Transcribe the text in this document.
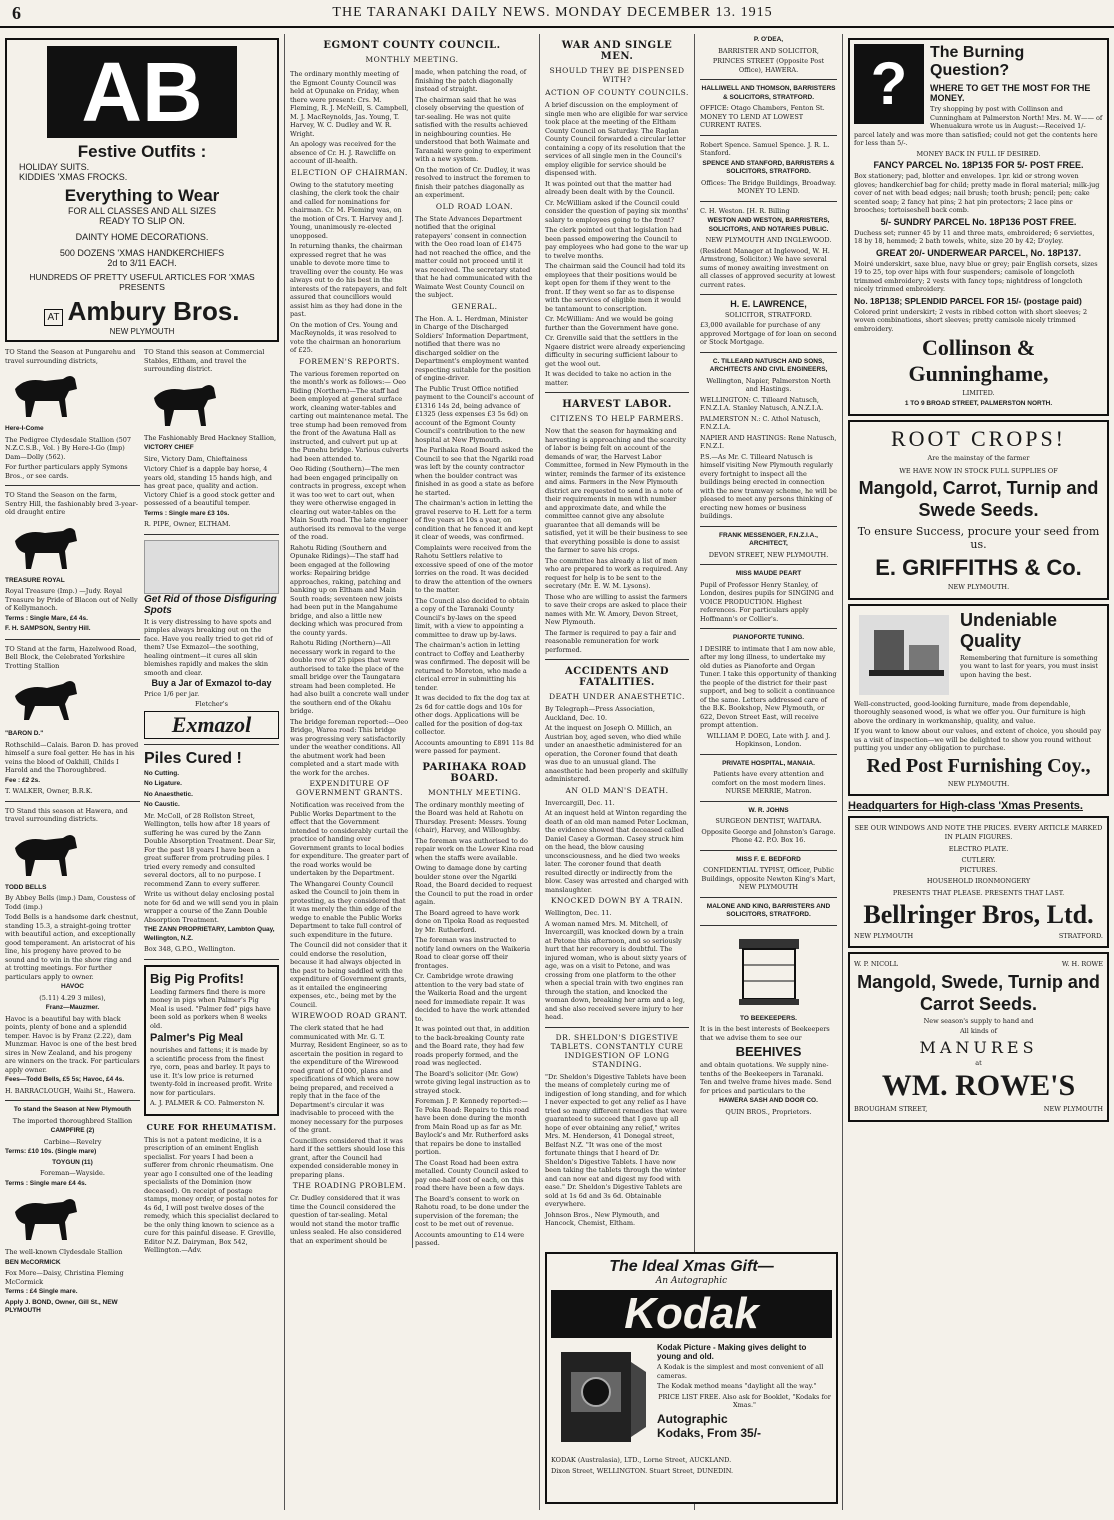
6	THE TARANAKI DAILY NEWS. MONDAY DECEMBER 13. 1915
AB
Festive Outfits :
HOLIDAY SUITS.
KIDDIES 'XMAS FROCKS.
Everything to Wear
FOR ALL CLASSES AND ALL SIZES
READY TO SLIP ON.
DAINTY HOME DECORATIONS.
500 DOZENS 'XMAS HANDKERCHIEFS
2d to 3/11 EACH.
HUNDREDS OF PRETTY USEFUL ARTICLES FOR 'XMAS PRESENTS
AT Ambury Bros.
NEW PLYMOUTH

TO Stand the Season at Pungarehu and travel surrounding districts,

Here-I-Come

The Pedigree Clydesdale Stallion (507 N.Z.C.S.B., Vol. ) By Here-I-Go (Imp) Dam—Dolly (562).

For further particulars apply Symons Bros., or see cards.

TO Stand the Season on the farm, Sentry Hill, the fashionably bred 3-year-old draught entire

TREASURE ROYAL

Royal Treasure (Imp.) —Judy. Royal Treasure by Pride of Blacon out of Nelly of Kellymanoch.

Terms : Single Mare, £4 4s.

F. H. SAMPSON, Sentry Hill.

TO Stand at the farm, Hazelwood Road, Bell Block, the Celebrated Yorkshire Trotting Stallion

"BARON D."

Rothschild—Calais. Baron D. has proved himself a sure foal getter. He has in his veins the blood of Oakhill, Childs I Harold and the Thoroughbred.

Fee : £2 2s.

T. WALKER, Owner, B.R.K.

TO Stand this season at Hawera, and travel surrounding districts.

TODD BELLS

By Abbey Bells (imp.) Dam, Coustess of Todd (imp.)

Todd Bells is a handsome dark chestnut, standing 15.3, a straight-going trotter with beautiful action, and exceptionally good temperament. An aristocrat of his line, his progeny have proved to be sound and to win in the show ring and at trotting meetings. For further particulars apply to owner.

HAVOC

(5.11) 4.29 3 miles),

Franz—Mauzmer.

Havoc is a beautiful bay with black points, plenty of bone and a splendid temper. Havoc is by Franz (2.22), dam Munzmar. Havoc is one of the best bred sires in New Zealand, and his progeny are winners on the track. For particulars apply owner.

Fees—Todd Bells, £5 5s; Havoc, £4 4s.

H. BARRACLOUGH, Waihi St., Hawera.

To stand the Season at New Plymouth

The imported thoroughbred Stallion

CAMPFIRE (2)

Carbine—Revelry

Terms: £10 10s. (Single mare)

TOYGUN (11)

Foreman—Wayside.

Terms : Single mare £4 4s.

The well-known Clydesdale Stallion

BEN McCORMICK

Fox More—Daisy, Christina Fleming McCormick

Terms : £4 Single mare.

Apply J. BOND, Owner, Gill St., NEW PLYMOUTH

TO Stand this season at Commercial Stables, Eltham, and travel the surrounding district.

The Fashionably Bred Hackney Stallion,

VICTORY CHIEF

Sire, Victory Dam, Chieftainess

Victory Chief is a dapple bay horse, 4 years old, standing 15 hands high, and has great pace, quality and action. Victory Chief is a good stock getter and possessed of a beautiful temper.

Terms : Single mare £3 10s.

R. PIPE, Owner, ELTHAM.

Get Rid of those Disfiguring Spots

It is very distressing to have spots and pimples always breaking out on the face. Have you really tried to get rid of them? Use Exmazol—the soothing, healing ointment—it cures all skin blemishes rapidly and makes the skin smooth and clear.

Buy a Jar of Exmazol to-day

Price 1/6 per jar.

Fletcher's
Exmazol
Piles Cured !
No Cutting.
No Ligature.
No Anaesthetic.
No Caustic.

Mr. McColl, of 28 Rollston Street, Wellington, tells how after 18 years of suffering he was cured by the Zann Double Absorption Treatment. Dear Sir, For the past 18 years I have been a great sufferer from protruding piles. I tried every remedy and consulted several doctors, all to no purpose. I recommend Zann to every sufferer.

Write us without delay enclosing postal note for 6d and we will send you in plain wrapper a course of the Zann Double Absorption Treatment.

THE ZANN PROPRIETARY, Lambton Quay, Wellington, N.Z.

Box 348, G.P.O., Wellington.

Big Pig Profits!

Leading farmers find there is more money in pigs when Palmer's Pig Meal is used. "Palmer fed" pigs have been sold as porkers when 8 weeks old.

Palmer's Pig Meal

nourishes and fattens; it is made by a scientific process from the finest rye, corn, peas and barley. It pays to use it. It's low price is returned twenty-fold in increased profit. Write now for particulars.

A. J. PALMER & CO. Palmerston N.

CURE FOR RHEUMATISM.

This is not a patent medicine, it is a prescription of an eminent English specialist. For years I had been a sufferer from chronic rheumatism. One year ago I consulted one of the leading specialists of the Dominion (now deceased). On receipt of postage stamps, money order, or postal notes for 4s 6d, I will post twelve doses of the remedy, which this specialist declared to be the only thing known to science as a cure for this painful disease. F. Greville, Editor N.Z. Dairyman, Box 542, Wellington.—Adv.

EGMONT COUNTY COUNCIL.
MONTHLY MEETING.

The ordinary monthly meeting of the Egmont County Council was held at Opunake on Friday, when there were present: Crs. M. Fleming, R. J. McNeill, S. Campbell, M. J. MacReynolds, Jas. Young, T. Harvey, W. C. Dudley and W. R. Wright.

An apology was received for the absence of Cr. H. J. Rawcliffe on account of ill-health.

ELECTION OF CHAIRMAN.

Owing to the statutory meeting clashing, the clerk took the chair and called for nominations for chairman. Cr. M. Fleming was, on the motion of Crs. T. Harvey and J. Young, unanimously re-elected unopposed.

In returning thanks, the chairman expressed regret that he was unable to devote more time to travelling over the county. He was always out to do his best in the interests of the ratepayers, and felt assured that councillors would assist him as they had done in the past.

On the motion of Crs. Young and MacReynolds, it was resolved to vote the chairman an honorarium of £25.

FOREMEN'S REPORTS.

The various foremen reported on the month's work as follows:— Oeo Riding (Northern)—The staff had been employed at general surface work, cleaning water-tables and carting out maintenance metal. The tree stump had been removed from the front of the Awatuna Hall as instructed, and culvert put up at the Punehu bridge. Various culverts had been attended to.

Oeo Riding (Southern)—The men had been engaged principally on contracts in progress, except when it was too wet to cart out, when they were otherwise engaged in clearing out water-tables on the Main South road. The late engineer authorised its removal to the verge of the road.

Rahotu Riding (Southern and Opunake Ridings)—The staff had been engaged at the following works: Repairing bridge approaches, raking, patching and banking up on Eltham and Main South roads; seventeen new joists had been put in the Mangahume bridge, and also a little new decking which was procured from the county yards.

Rahotu Riding (Northern)—All necessary work in regard to the double row of 25 pipes that were authorised to take the place of the small bridge over the Taungatara stream had been completed. He had also built a concrete wall under the southern end of the Okahu bridge.

The bridge foreman reported:—Oeo Bridge, Warea road: This bridge was progressing very satisfactorily under the weather conditions. All the abutment work had been completed and a start made with the work for the arches.

EXPENDITURE OF GOVERNMENT GRANTS.

Notification was received from the Public Works Department to the effect that the Government intended to considerably curtail the practice of handing over Government grants to local bodies for expenditure. The greater part of the road works would be undertaken by the Department.

The Whangarei County Council asked the Council to join them in protesting, as they considered that it was merely the thin edge of the wedge to enable the Public Works Department to take full control of such expenditure in the future.

The Council did not consider that it could endorse the resolution, because it had always objected in the past to being saddled with the expenditure of Government grants, as it entailed the engineering expenses, etc., being met by the Council.

WIREWOOD ROAD GRANT.

The clerk stated that he had communicated with Mr. G. T. Murray, Resident Engineer, so as to ascertain the position in regard to the expenditure of the Wirewood road grant of £1000, plans and specifications of which were now being prepared, and received a reply that in the face of the Department's circular it was inadvisable to proceed with the money necessary for the purposes of the grant.

Councillors considered that it was hard if the settlers should lose this grant, after the Council had expended considerable money in preparing plans.

THE ROADING PROBLEM.

Cr. Dudley considered that it was time the Council considered the question of tar-sealing. Metal would not stand the motor traffic unless sealed. He also considered that an experiment should be made, when patching the road, of finishing the patch diagonally instead of straight.

The chairman said that he was closely observing the question of tar-sealing. He was not quite satisfied with the results achieved in neighbouring counties. He understood that both Waimate and Taranaki were going to experiment with a new system.

On the motion of Cr. Dudley, it was resolved to instruct the foremen to finish their patches diagonally as an experiment.

OLD ROAD LOAN.

The State Advances Department notified that the original ratepayers' consent in connection with the Oeo road loan of £1475 had not reached the office, and the matter could not proceed until it was received. The secretary stated that he had communicated with the Waimate West County Council on the subject.

GENERAL.

The Hon. A. L. Herdman, Minister in Charge of the Discharged Soldiers' Information Department, notified that there was no discharged soldier on the Department's employment wanted respecting suitable for the position of engine-driver.

The Public Trust Office notified payment to the Council's account of £1316 14s 2d, being advance of £1325 (less expenses £3 5s 6d) on account of the Egmont County Council's contribution to the new hospital at New Plymouth.

The Parihaka Road Board asked the Council to see that the Ngariki road was left by the county contractor when the boulder contract was finished in as good a state as before he started.

The chairman's action in letting the gravel reserve to H. Lett for a term of five years at 10s a year, on condition that he fenced it and kept it clear of weeds, was confirmed.

Complaints were received from the Rahotu Settlers relative to excessive speed of one of the motor lorries on the road. It was decided to draw the attention of the owners to the matter.

The Council also decided to obtain a copy of the Taranaki County Council's by-laws on the speed limit, with a view to appointing a committee to draw up by-laws.

The chairman's action in letting contract to Coffey and Leatherby was confirmed. The deposit will be returned to Moreton, who made a clerical error in submitting his tender.

It was decided to fix the dog tax at 2s 6d for cattle dogs and 10s for other dogs. Applications will be called for the position of dog-tax collector.

Accounts amounting to £891 11s 8d were passed for payment.

PARIHAKA ROAD BOARD.
MONTHLY MEETING.

The ordinary monthly meeting of the Board was held at Rahotu on Thursday. Present: Messrs. Young (chair), Harvey, and Willoughby.

The foreman was authorised to do repair work on the Lower Kina road when the staffs were available.

Owing to damage done by carting boulder stone over the Ngariki Road, the Board decided to request the Council to put the road in order again.

The Board agreed to have work done on Tipoka Road as requested by Mr. Rutherford.

The foreman was instructed to notify land owners on the Waikeria Road to clear gorse off their frontages.

Cr. Cambridge wrote drawing attention to the very bad state of the Waikeria Road and the urgent need for immediate repair. It was decided to have the work attended to.

It was pointed out that, in addition to the back-breaking County rate and the Board rate, they had few roads properly formed, and the road was neglected.

The Board's solicitor (Mr. Gow) wrote giving legal instruction as to strayed stock.

Foreman J. P. Kennedy reported:—Te Poka Road: Repairs to this road have been done during the month from Main Road up as far as Mr. Baylock's and Mr. Rutherford asks that repairs be done to installed portion.

The Coast Road had been extra metalled. County Council asked to pay one-half cost of each, on this road there have been a few days.

The Board's consent to work on Rahotu road, to be done under the supervision of the foreman; the cost to be met out of revenue.

Accounts amounting to £14 were passed.

WAR AND SINGLE MEN.
SHOULD THEY BE DISPENSED WITH?
ACTION OF COUNTY COUNCILS.

A brief discussion on the employment of single men who are eligible for war service took place at the meeting of the Eltham County Council on Saturday. The Raglan County Council forwarded a circular letter containing a copy of its resolution that the services of all single men in the Council's employ eligible for service should be dispensed with.

It was pointed out that the matter had already been dealt with by the Council.

Cr. McWilliam asked if the Council could consider the question of paying six months' salary to employees going to the front?

The clerk pointed out that legislation had been passed empowering the Council to pay employees who had gone to the war up to twelve months.

The chairman said the Council had told its employees that their positions would be kept open for them if they went to the front. If they went so far as to dispense with the services of eligible men it would be tantamount to conscription.

Cr. McWilliam: And we would be going further than the Government have gone.

Cr. Grenville said that the settlers in the Ngaere district were already experiencing difficulty in securing sufficient labour to get the wool out.

It was decided to take no action in the matter.

HARVEST LABOR.
CITIZENS TO HELP FARMERS.

Now that the season for haymaking and harvesting is approaching and the scarcity of labor is being felt on account of the demands of war, the Harvest Labor Committee, formed in New Plymouth in the winter, reminds the farmer of its existence and aims. Farmers in the New Plymouth district are requested to send in a note of their requirements in men with number and approximate date, and while the committee cannot give any absolute guarantee that all demands will be satisfied, yet it will be their business to see that everything possible is done to assist the farmer to save his crops.

The committee has already a list of men who are prepared to work as required. Any request for help is to be sent to the secretary (Mr. E. W. M. Lysons).

Those who are willing to assist the farmers to save their crops are asked to place their names with Mr. W. Amory, Devon Street, New Plymouth.

The farmer is required to pay a fair and reasonable remuneration for work performed.

ACCIDENTS AND FATALITIES.
DEATH UNDER ANAESTHETIC.

By Telegraph—Press Association, Auckland, Dec. 10.

At the inquest on Joseph O. Millich, an Austrian boy, aged seven, who died while under an anaesthetic administered for an operation, the Coroner found that death was due to an unusual gland. The anaesthetic had been properly and skilfully administered.

AN OLD MAN'S DEATH.

Invercargill, Dec. 11.

At an inquest held at Winton regarding the death of an old man named Peter Lockman, the evidence showed that deceased called Daniel Casey a Gorman. Casey struck him on the head, the blow causing unconsciousness, and he died two weeks later. The coroner found that death resulted directly or indirectly from the blow. Casey was arrested and charged with manslaughter.

KNOCKED DOWN BY A TRAIN.

Wellington, Dec. 11.

A woman named Mrs. M. Mitchell, of Invercargill, was knocked down by a train at Petone this afternoon, and so seriously hurt that her recovery is doubtful. The injured woman, who is about sixty years of age, was on a visit to Petone, and was crossing from one platform to the other when a special train with two engines ran through the station, and knocked the woman down, breaking her arm and a leg, and she also received severe injury to her head.

DR. SHELDON'S DIGESTIVE TABLETS. CONSTANTLY CURE INDIGESTION OF LONG STANDING.

"Dr. Sheldon's Digestive Tablets have been the means of completely curing me of indigestion of long standing, and for which I never expected to get any relief as I have tried so many different remedies that were guaranteed to succeed that I gave up all hope of ever obtaining any relief," writes Mrs. M. Henderson, 41 Donegal street, Belfast N.Z. "It was one of the most fortunate things that I heard of Dr. Sheldon's Digestive Tablets. I have now been taking the tablets through the winter and can now eat and digest my food with ease." Dr. Sheldon's Digestive Tablets are sold at 1s 6d and 3s 6d. Obtainable everywhere.

Johnson Bros., New Plymouth, and Hancock, Chemist, Eltham.

P. O'DEA,
BARRISTER AND SOLICITOR,
PRINCES STREET (Opposite Post Office), HAWERA.
HALLIWELL AND THOMSON, BARRISTERS & SOLICITORS, STRATFORD.
OFFICE: Otago Chambers, Fenton St. MONEY TO LEND AT LOWEST CURRENT RATES.
Robert Spence. Samuel Spence. J. R. L. Stanford.
SPENCE AND STANFORD, BARRISTERS & SOLICITORS, STRATFORD.
Offices: The Bridge Buildings, Broadway. MONEY TO LEND.
C. H. Weston. [H. R. Billing
WESTON AND WESTON, BARRISTERS, SOLICITORS, AND NOTARIES PUBLIC.
NEW PLYMOUTH AND INGLEWOOD.
(Resident Manager at Inglewood, W. H. Armstrong, Solicitor.) We have several sums of money awaiting investment on all classes of approved security at lowest current rates.
H. E. LAWRENCE,
SOLICITOR, STRATFORD.
£3,000 available for purchase of any approved Mortgage of for loan on second or Stock Mortgage.
C. TILLEARD NATUSCH AND SONS, ARCHITECTS AND CIVIL ENGINEERS,
Wellington, Napier, Palmerston North and Hastings.
WELLINGTON: C. Tilleard Natusch, F.N.Z.I.A. Stanley Natusch, A.N.Z.I.A.
PALMERSTON N.: C. Athol Natusch, F.N.Z.I.A.
NAPIER AND HASTINGS: Rene Natusch, F.N.Z.I.
P.S.—As Mr. C. Tilleard Natusch is himself visiting New Plymouth regularly every fortnight to inspect all the buildings being erected in connection with the new tramway scheme, he will be pleased to meet any persons thinking of erecting new homes or business buildings.
FRANK MESSENGER, F.N.Z.I.A., ARCHITECT,
DEVON STREET, NEW PLYMOUTH.
MISS MAUDE PEART
Pupil of Professor Henry Stanley, of London, desires pupils for SINGING and VOICE PRODUCTION. Highest references. For particulars apply Hoffmann's or Collier's.
PIANOFORTE TUNING.
I DESIRE to intimate that I am now able, after my long illness, to undertake my old duties as Pianoforte and Organ Tuner. I take this opportunity of thanking the people of the district for their past support, and beg to solicit a continuance of the same. Letters addressed care of the B.K. Bookshop, New Plymouth, or 622, Devon Street East, will receive prompt attention.
WILLIAM P. DOEG, Late with J. and J. Hopkinson, London.
PRIVATE HOSPITAL, MANAIA.
Patients have every attention and comfort on the most modern lines. NURSE MERRIE, Matron.
W. R. JOHNS
SURGEON DENTIST, WAITARA.
Opposite George and Johnston's Garage. Phone 42. P.O. Box 16.
MISS F. E. BEDFORD
CONFIDENTIAL TYPIST, Officer, Public Buildings, opposite Newton King's Mart, NEW PLYMOUTH
MALONE AND KING, BARRISTERS AND SOLICITORS, STRATFORD.
TO BEEKEEPERS.
It is in the best interests of Beekeepers that we advise them to see our
BEEHIVES
and obtain quotations. We supply nine-tenths of the Beekeepers in Taranaki. Ten and twelve frame hives made. Send for prices and particulars to the
HAWERA SASH AND DOOR CO.
QUIN BROS., Proprietors.
The Ideal Xmas Gift—
An Autographic
Kodak
Kodak Picture - Making gives delight to young and old.
A Kodak is the simplest and most convenient of all cameras.
The Kodak method means "daylight all the way."
PRICE LIST FREE. Also ask for Booklet, "Kodaks for Xmas."
Autographic
Kodaks, From 35/-
KODAK (Australasia), LTD., Lorne Street, AUCKLAND.
Dixon Street, WELLINGTON. Stuart Street, DUNEDIN.
?	The Burning Question?
WHERE TO GET THE MOST FOR THE MONEY.

Try shopping by post with Collinson and Cunningham at Palmerston North! Mrs. M. W—— of Whenuakura wrote us in August:—Received 1/- parcel lately and was more than satisfied; could not get the contents here for less than 5/-.

MONEY BACK IN FULL IF DESIRED.

FANCY PARCEL No. 18P135 FOR 5/- POST FREE.

Box stationery; pad, blotter and envelopes. 1pr. kid or strong woven gloves; handkerchief bag for child; pretty made in floral material; milk-jug cover of net with bead edges; nail brush; tooth brush; pencil; pen; cake scented soap; 2 fancy hat pins; 2 hat pin protectors; 2 lace pins or brooches; tortoiseshell back comb.

5/- SUNDRY PARCEL No. 18P136 POST FREE.

Duchess set; runner 45 by 11 and three mats, embroidered; 6 serviettes, 18 by 18, hemmed; 2 bath towels, white, size 20 by 42; D'oyley.

GREAT 20/- UNDERWEAR PARCEL, No. 18P137.

Moiré underskirt, saxe blue, navy blue or grey; pair English corsets, sizes 19 to 25, top over hips with four suspenders; camisole of longcloth trimmed embroidery; 2 vests with fancy tops; nightdress of longcloth nicely trimmed embroidery.

No. 18P138; SPLENDID PARCEL FOR 15/- (postage paid)

Colored print underskirt; 2 vests in ribbed cotton with short sleeves; 2 woven combinations, short sleeves; pretty camisole nicely trimmed embroidery.

Collinson & Gunninghame,
LIMITED.
1 TO 9 BROAD STREET, PALMERSTON NORTH.
ROOT CROPS!
Are the mainstay of the farmer
WE HAVE NOW IN STOCK FULL SUPPLIES OF
Mangold, Carrot, Turnip and Swede Seeds.
To ensure Success, procure your seed from us.
E. GRIFFITHS & Co.
NEW PLYMOUTH.
Undeniable Quality

Remembering that furniture is something you want to last for years, you must insist upon having the best.

Well-constructed, good-looking furniture, made from dependable, thoroughly seasoned wood, is what we offer you. Our furniture is high above the ordinary in workmanship, quality, and value.

If you want to know about our values, and extent of choice, you should pay us a visit of inspection—we will be delighted to show you round without putting you under any obligation to purchase.

Red Post Furnishing Coy.,
NEW PLYMOUTH.
Headquarters for High-class 'Xmas Presents.
SEE OUR WINDOWS AND NOTE THE PRICES. EVERY ARTICLE MARKED IN PLAIN FIGURES.
ELECTRO PLATE.
CUTLERY.
PICTURES.
HOUSEHOLD IRONMONGERY
PRESENTS THAT PLEASE. PRESENTS THAT LAST.
Bellringer Bros, Ltd.
NEW PLYMOUTH	STRATFORD.
W. P. NICOLL	W. H. ROWE
Mangold, Swede, Turnip and Carrot Seeds.
New season's supply to hand and
All kinds of
MANURES
at
WM. ROWE'S
BROUGHAM STREET,	NEW PLYMOUTH
